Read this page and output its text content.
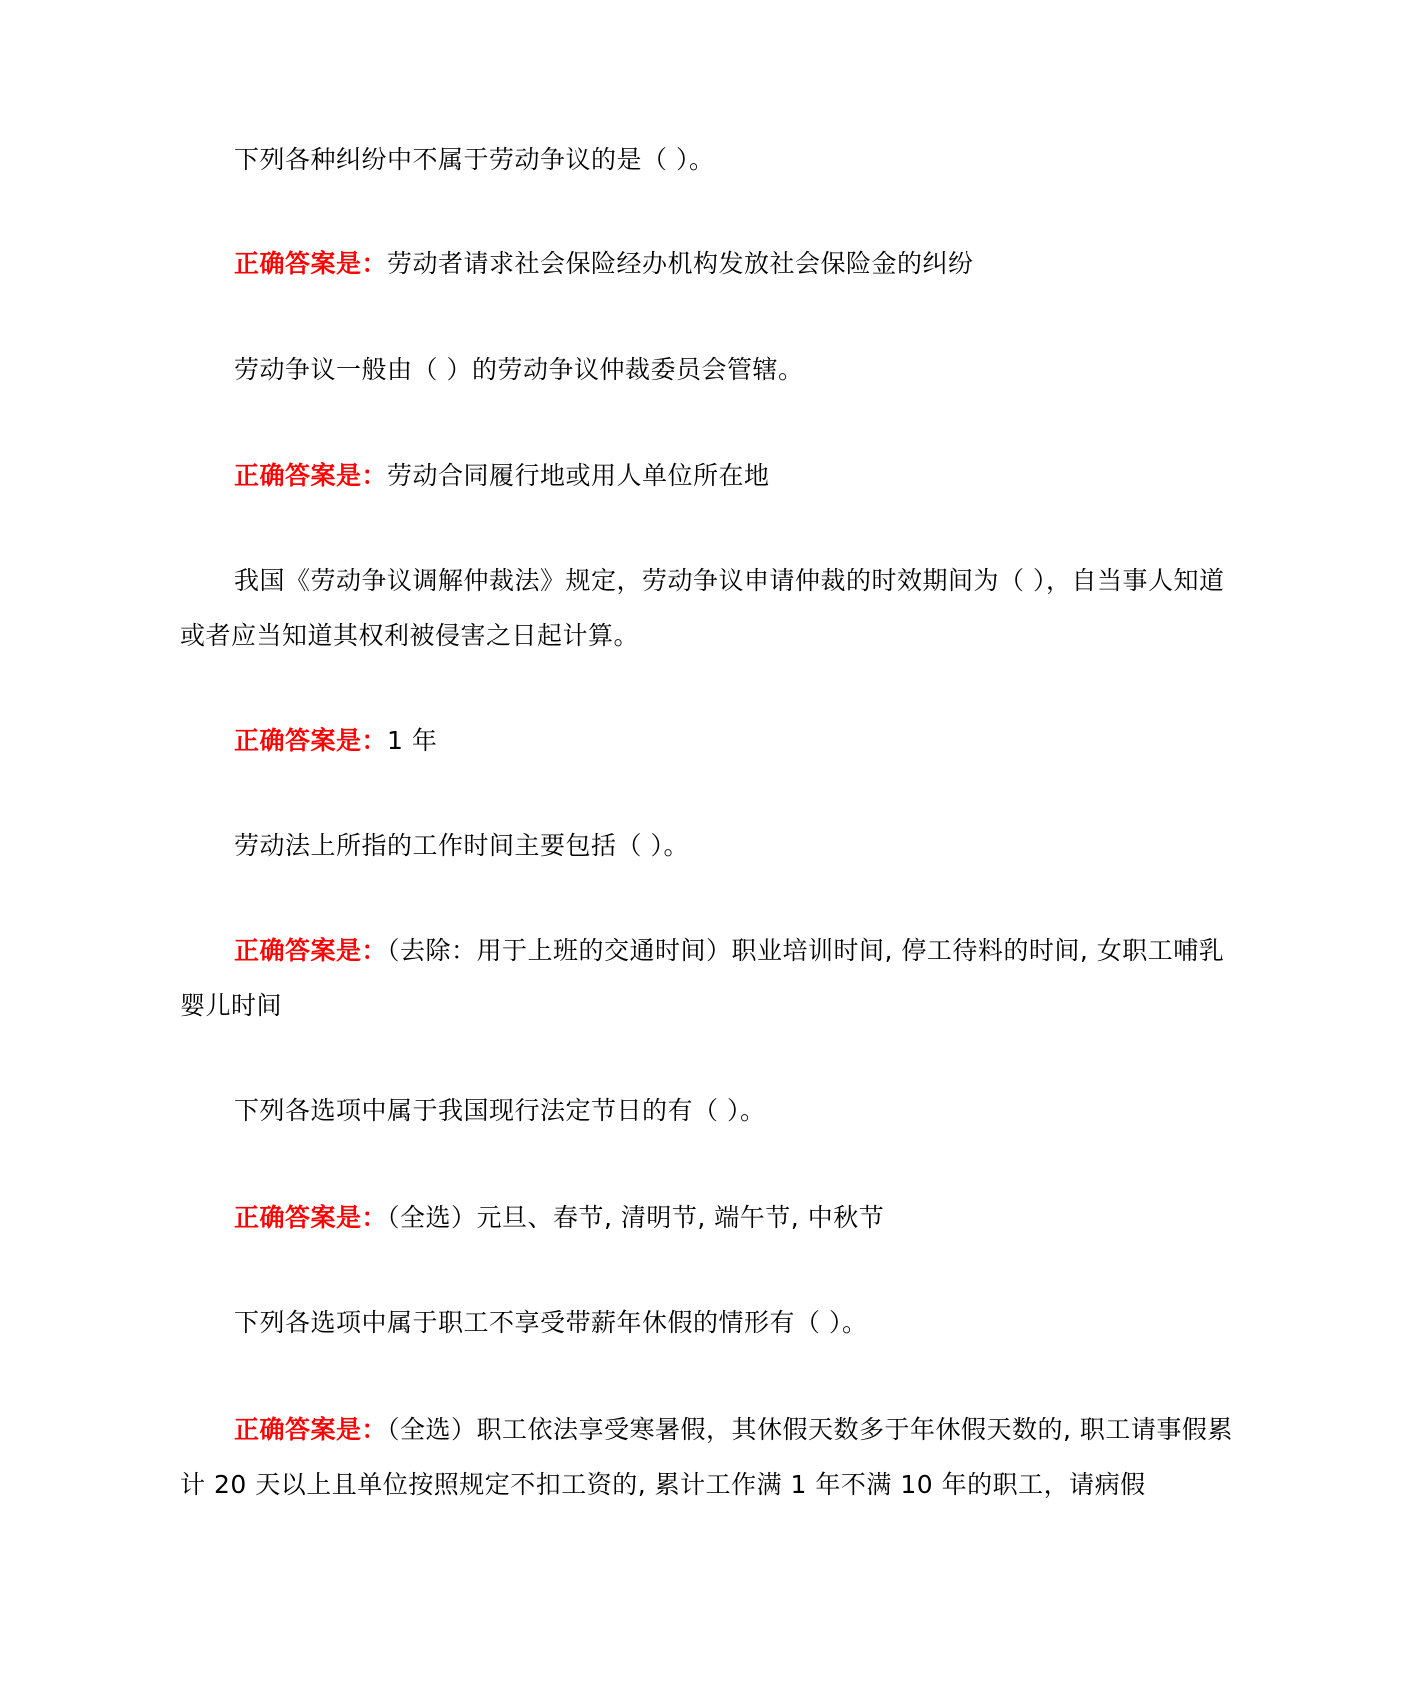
下列各种纠纷中不属于劳动争议的是（ ）。

正确答案是：劳动者请求社会保险经办机构发放社会保险金的纠纷

劳动争议一般由（ ）的劳动争议仲裁委员会管辖。

正确答案是：劳动合同履行地或用人单位所在地

我国《劳动争议调解仲裁法》规定，劳动争议申请仲裁的时效期间为（ ），自当事人知道或者应当知道其权利被侵害之日起计算。

正确答案是：1 年

劳动法上所指的工作时间主要包括（ ）。

正确答案是：（去除：用于上班的交通时间）职业培训时间, 停工待料的时间, 女职工哺乳婴儿时间

下列各选项中属于我国现行法定节日的有（ ）。

正确答案是：（全选）元旦、春节, 清明节, 端午节, 中秋节

下列各选项中属于职工不享受带薪年休假的情形有（ ）。

正确答案是：（全选）职工依法享受寒暑假，其休假天数多于年休假天数的, 职工请事假累计 20 天以上且单位按照规定不扣工资的, 累计工作满 1 年不满 10 年的职工，请病假
